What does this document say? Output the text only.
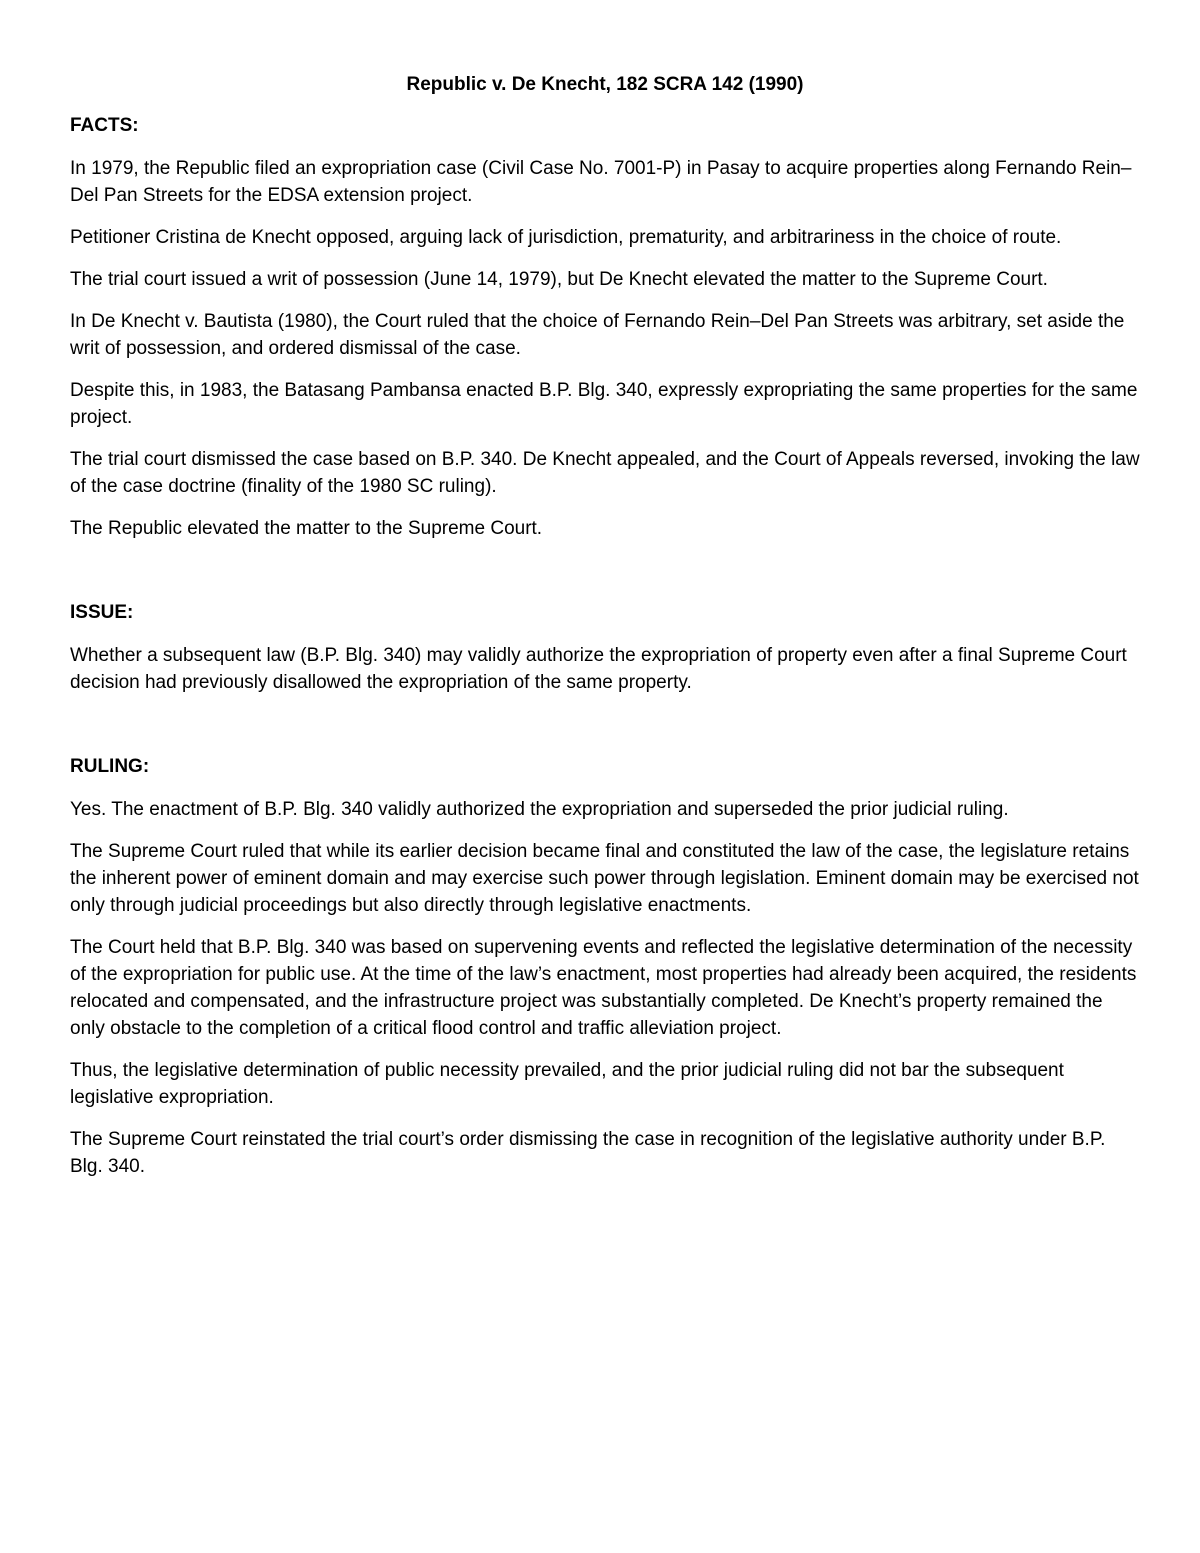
Republic v. De Knecht, 182 SCRA 142 (1990)
FACTS:

In 1979, the Republic filed an expropriation case (Civil Case No. 7001-P) in Pasay to acquire properties along Fernando Rein–Del Pan Streets for the EDSA extension project.

Petitioner Cristina de Knecht opposed, arguing lack of jurisdiction, prematurity, and arbitrariness in the choice of route.

The trial court issued a writ of possession (June 14, 1979), but De Knecht elevated the matter to the Supreme Court.

In De Knecht v. Bautista (1980), the Court ruled that the choice of Fernando Rein–Del Pan Streets was arbitrary, set aside the writ of possession, and ordered dismissal of the case.

Despite this, in 1983, the Batasang Pambansa enacted B.P. Blg. 340, expressly expropriating the same properties for the same project.

The trial court dismissed the case based on B.P. 340. De Knecht appealed, and the Court of Appeals reversed, invoking the law of the case doctrine (finality of the 1980 SC ruling).

The Republic elevated the matter to the Supreme Court.

ISSUE:

Whether a subsequent law (B.P. Blg. 340) may validly authorize the expropriation of property even after a final Supreme Court decision had previously disallowed the expropriation of the same property.

RULING:

Yes. The enactment of B.P. Blg. 340 validly authorized the expropriation and superseded the prior judicial ruling.

The Supreme Court ruled that while its earlier decision became final and constituted the law of the case, the legislature retains the inherent power of eminent domain and may exercise such power through legislation. Eminent domain may be exercised not only through judicial proceedings but also directly through legislative enactments.

The Court held that B.P. Blg. 340 was based on supervening events and reflected the legislative determination of the necessity of the expropriation for public use. At the time of the law’s enactment, most properties had already been acquired, the residents relocated and compensated, and the infrastructure project was substantially completed. De Knecht’s property remained the only obstacle to the completion of a critical flood control and traffic alleviation project.

Thus, the legislative determination of public necessity prevailed, and the prior judicial ruling did not bar the subsequent legislative expropriation.

The Supreme Court reinstated the trial court’s order dismissing the case in recognition of the legislative authority under B.P. Blg. 340.
